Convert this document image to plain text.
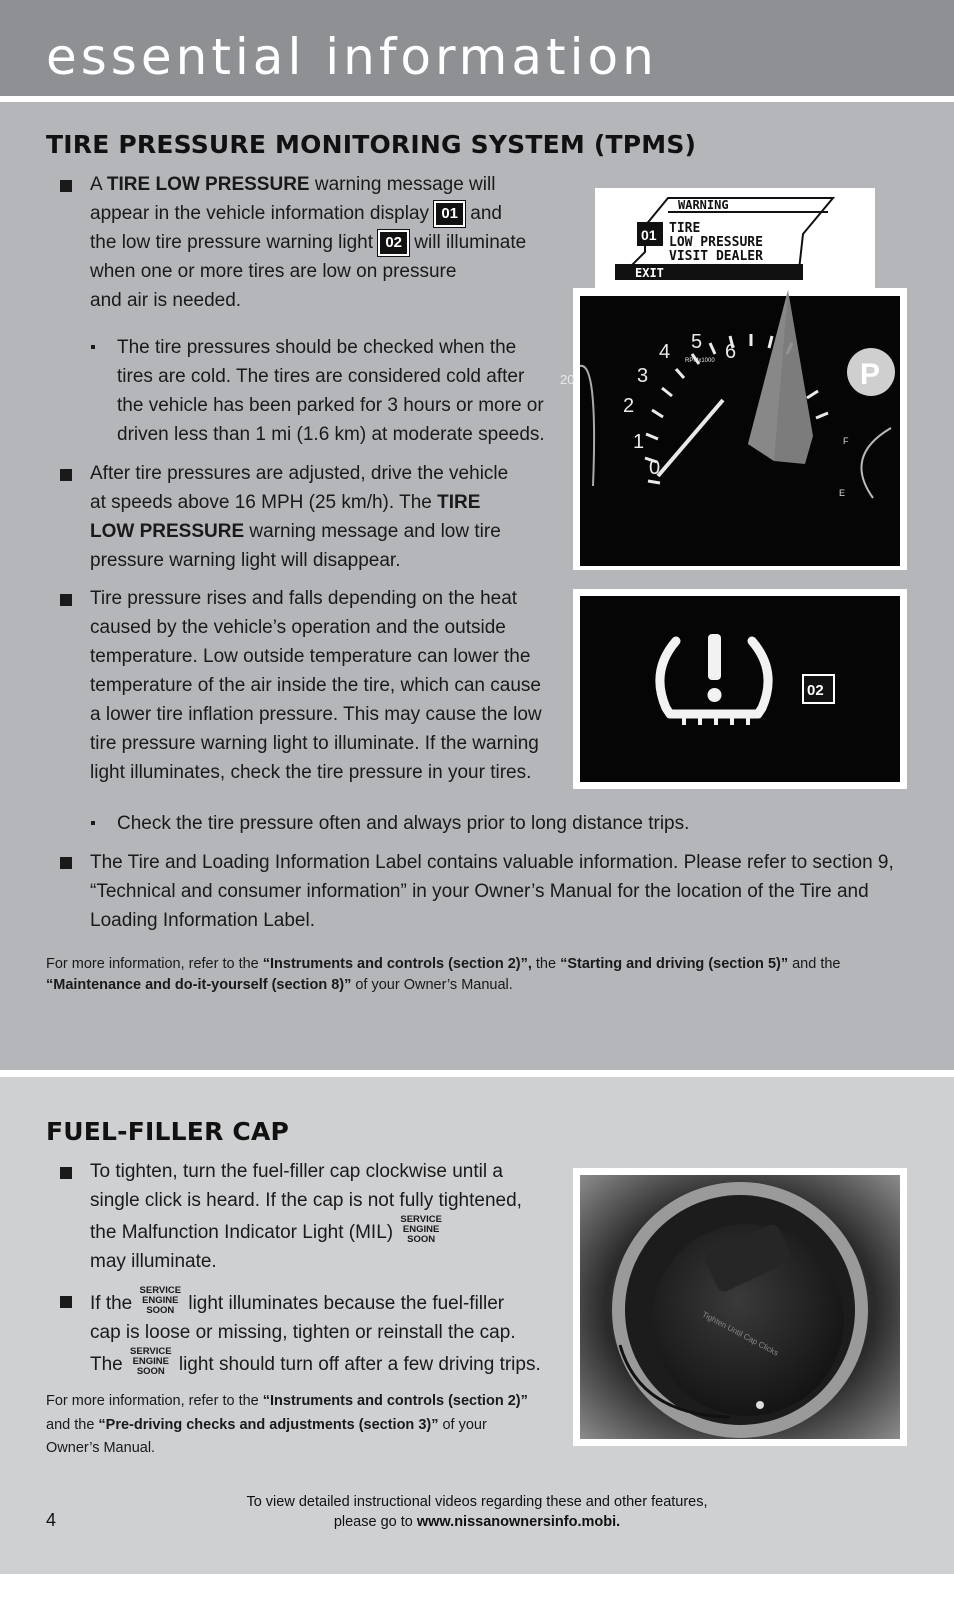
essential information
TIRE PRESSURE MONITORING SYSTEM (TPMS)
A TIRE LOW PRESSURE warning message will
appear in the vehicle information display 01 and
the low tire pressure warning light 02 will illuminate
when one or more tires are low on pressure
and air is needed.
The tire pressures should be checked when the
tires are cold. The tires are considered cold after
the vehicle has been parked for 3 hours or more or
driven less than 1 mi (1.6 km) at moderate speeds.
After tire pressures are adjusted, drive the vehicle
at speeds above 16 MPH (25 km/h). The TIRE
LOW PRESSURE warning message and low tire
pressure warning light will disappear.
Tire pressure rises and falls depending on the heat
caused by the vehicle’s operation and the outside
temperature. Low outside temperature can lower the
temperature of the air inside the tire, which can cause
a lower tire inflation pressure. This may cause the low
tire pressure warning light to illuminate. If the warning
light illuminates, check the tire pressure in your tires.
Check the tire pressure often and always prior to long distance trips.
The Tire and Loading Information Label contains valuable information. Please refer to section 9,
“Technical and consumer information” in your Owner’s Manual for the location of the Tire and
Loading Information Label.
For more information, refer to the “Instruments and controls (section 2)”, the “Starting and driving (section 5)” and the
“Maintenance and do-it-yourself (section 8)” of your Owner’s Manual.
0
1
2
3
4 5 6
20
RPMx1000	P
F
E
WARNING
TIRE
LOW PRESSURE
VISIT DEALER
EXIT
01
02
FUEL-FILLER CAP
To tighten, turn the fuel-filler cap clockwise until a
single click is heard. If the cap is not fully tightened,
the Malfunction Indicator Light (MIL)
SERVICE
ENGINE
SOON
may illuminate.
If the
SERVICE
ENGINE
SOON light illuminates because the fuel-filler
cap is loose or missing, tighten or reinstall the cap.
The
SERVICE
ENGINE
SOON light should turn off after a few driving trips.
For more information, refer to the “Instruments and controls (section 2)”
and the “Pre-driving checks and adjustments (section 3)” of your
Owner’s Manual.
Tighten Until Cap Clicks
To view detailed instructional videos regarding these and other features,
please go to www.nissanownersinfo.mobi.
4
